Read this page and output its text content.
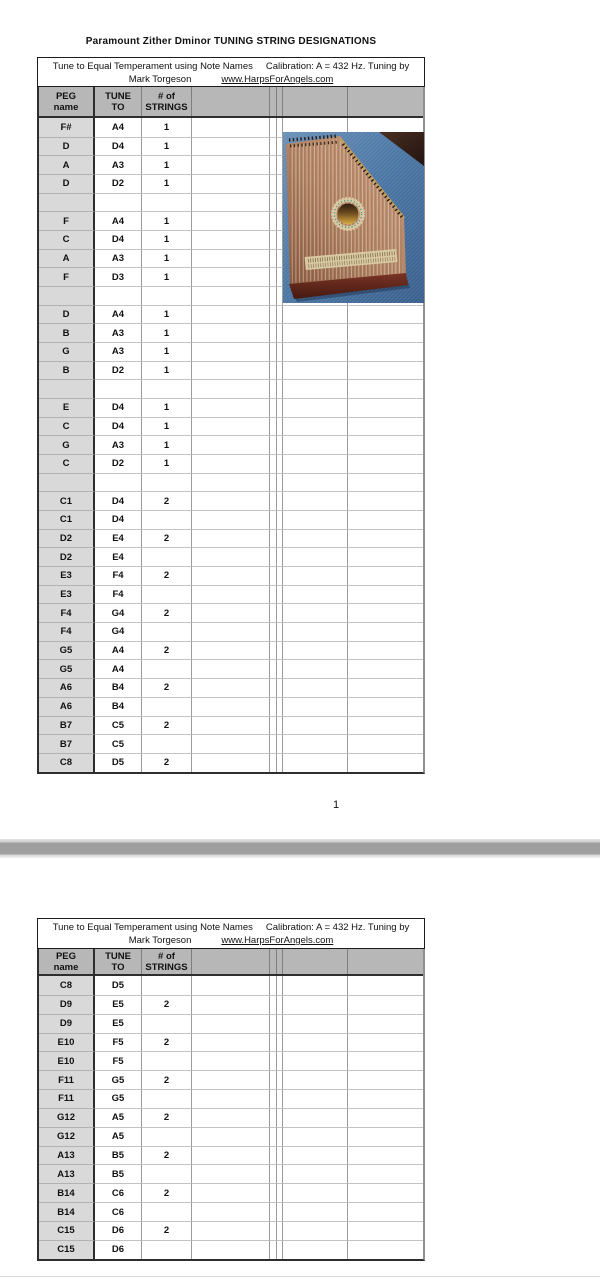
Paramount Zither Dminor TUNING STRING DESIGNATIONS
Tune to Equal Temperament using Note Names Calibration: A = 432 Hz. Tuning by
Mark Torgeson	www.HarpsForAngels.com
PEG
name
TUNE
TO
# of
STRINGS
F#	A4	1
D	D4	1
A	A3	1
D	D2	1
F	A4	1
C	D4	1
A	A3	1
F	D3	1
D	A4	1
B	A3	1
G	A3	1
B	D2	1
E	D4	1
C	D4	1
G	A3	1
C	D2	1
C1	D4	2
C1	D4
D2	E4	2
D2	E4
E3	F4	2
E3	F4
F4	G4	2
F4	G4
G5	A4	2
G5	A4
A6	B4	2
A6	B4
B7	C5	2
B7	C5
C8	D5	2
1
Tune to Equal Temperament using Note Names Calibration: A = 432 Hz. Tuning by
Mark Torgeson	www.HarpsForAngels.com
PEG
name
TUNE
TO
# of
STRINGS
C8	D5
D9	E5	2
D9	E5
E10	F5	2
E10	F5
F11	G5	2
F11	G5
G12	A5	2
G12	A5
A13	B5	2
A13	B5
B14	C6	2
B14	C6
C15	D6	2
C15	D6
